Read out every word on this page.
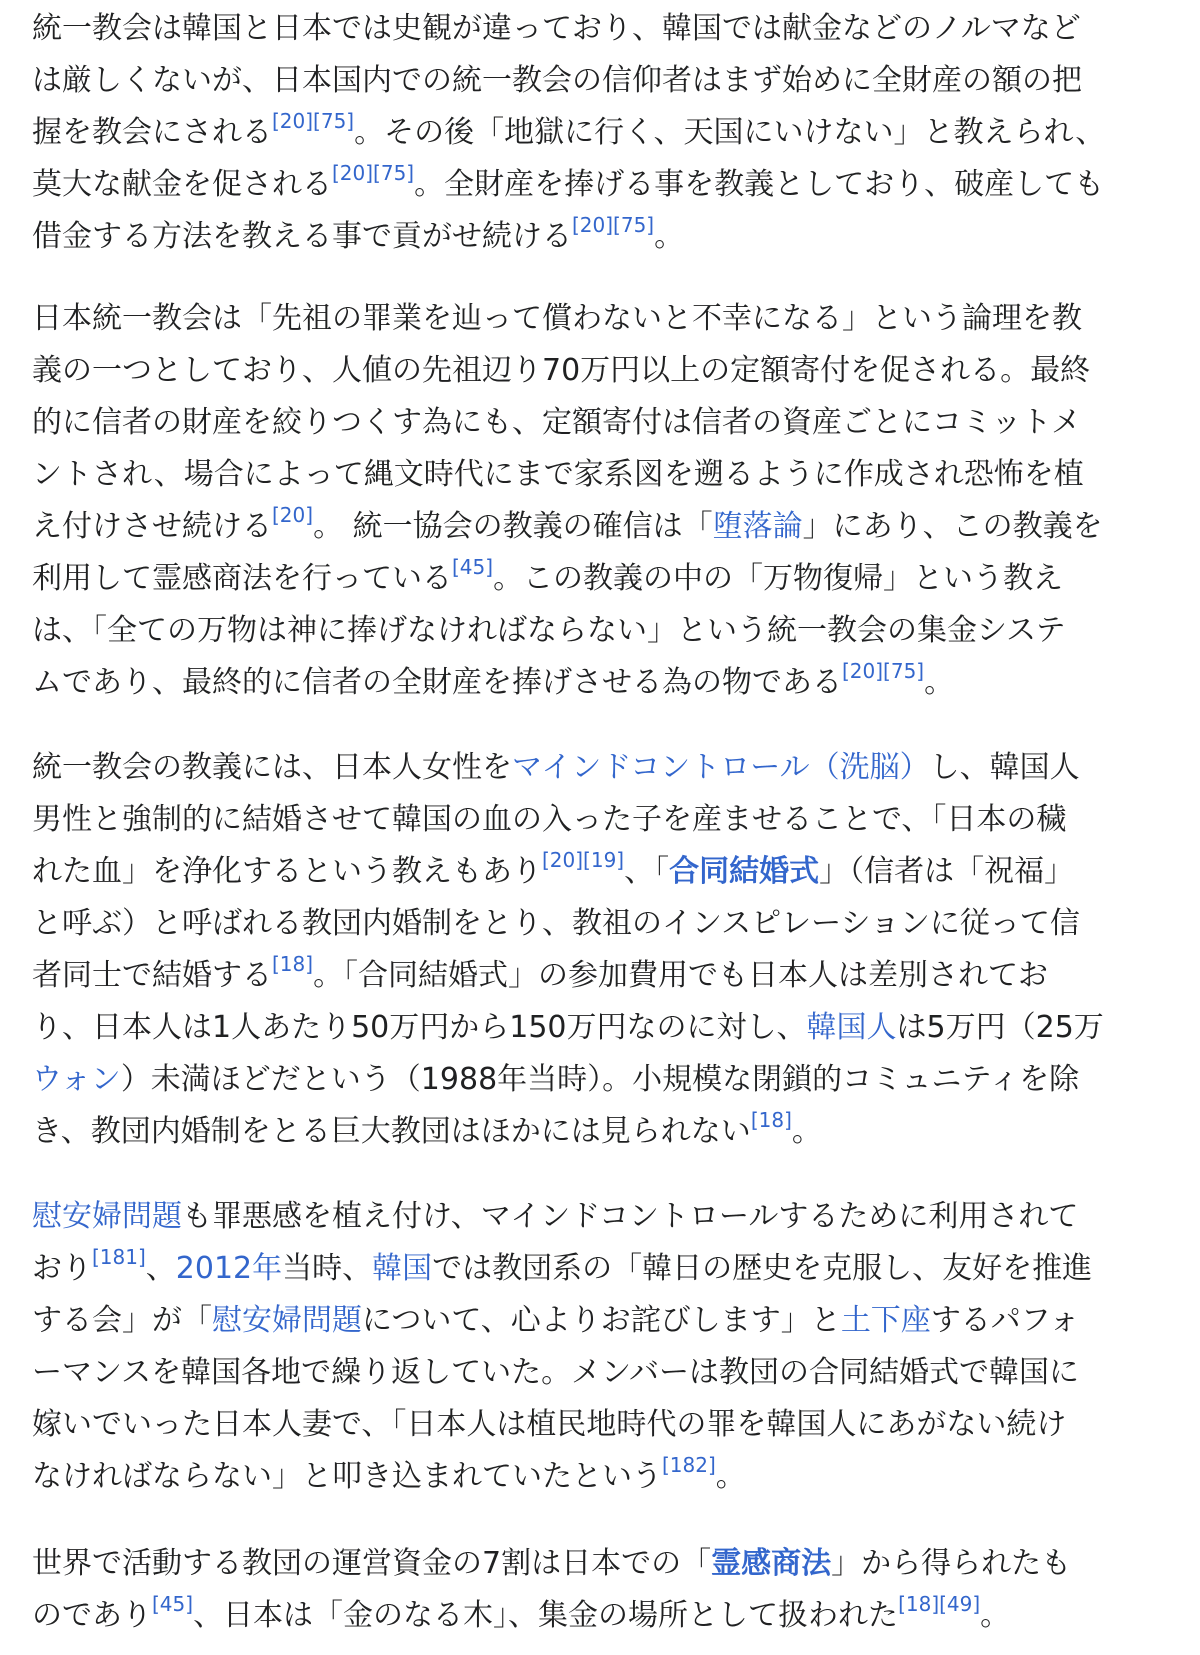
統一教会は韓国と日本では史観が違っており、韓国では献金などのノルマなど
は厳しくないが、日本国内での統一教会の信仰者はまず始めに全財産の額の把
握を教会にされる[20][75]。その後「地獄に行く、天国にいけない」と教えられ、
莫大な献金を促される[20][75]。全財産を捧げる事を教義としており、破産しても
借金する方法を教える事で貢がせ続ける[20][75]。
日本統一教会は「先祖の罪業を辿って償わないと不幸になる」という論理を教
義の一つとしており、人値の先祖辺り70万円以上の定額寄付を促される。最終
的に信者の財産を絞りつくす為にも、定額寄付は信者の資産ごとにコミットメ
ントされ、場合によって縄文時代にまで家系図を遡るように作成され恐怖を植
え付けさせ続ける[20]。 統一協会の教義の確信は「堕落論」にあり、この教義を
利用して霊感商法を行っている[45]。この教義の中の「万物復帰」という教え
は、「全ての万物は神に捧げなければならない」という統一教会の集金システ
ムであり、最終的に信者の全財産を捧げさせる為の物である[20][75]。
統一教会の教義には、日本人女性をマインドコントロール（洗脳）し、韓国人
男性と強制的に結婚させて韓国の血の入った子を産ませることで、「日本の穢
れた血」を浄化するという教えもあり[20][19]、「合同結婚式」（信者は「祝福」
と呼ぶ）と呼ばれる教団内婚制をとり、教祖のインスピレーションに従って信
者同士で結婚する[18]。「合同結婚式」の参加費用でも日本人は差別されてお
り、日本人は1人あたり50万円から150万円なのに対し、韓国人は5万円（25万
ウォン）未満ほどだという（1988年当時）。小規模な閉鎖的コミュニティを除
き、教団内婚制をとる巨大教団はほかには見られない[18]。
慰安婦問題も罪悪感を植え付け、マインドコントロールするために利用されて
おり[181]、2012年当時、韓国では教団系の「韓日の歴史を克服し、友好を推進
する会」が「慰安婦問題について、心よりお詫びします」と土下座するパフォ
ーマンスを韓国各地で繰り返していた。メンバーは教団の合同結婚式で韓国に
嫁いでいった日本人妻で、「日本人は植民地時代の罪を韓国人にあがない続け
なければならない」と叩き込まれていたという[182]。
世界で活動する教団の運営資金の7割は日本での「霊感商法」から得られたも
のであり[45]、日本は「金のなる木」、集金の場所として扱われた[18][49]。
